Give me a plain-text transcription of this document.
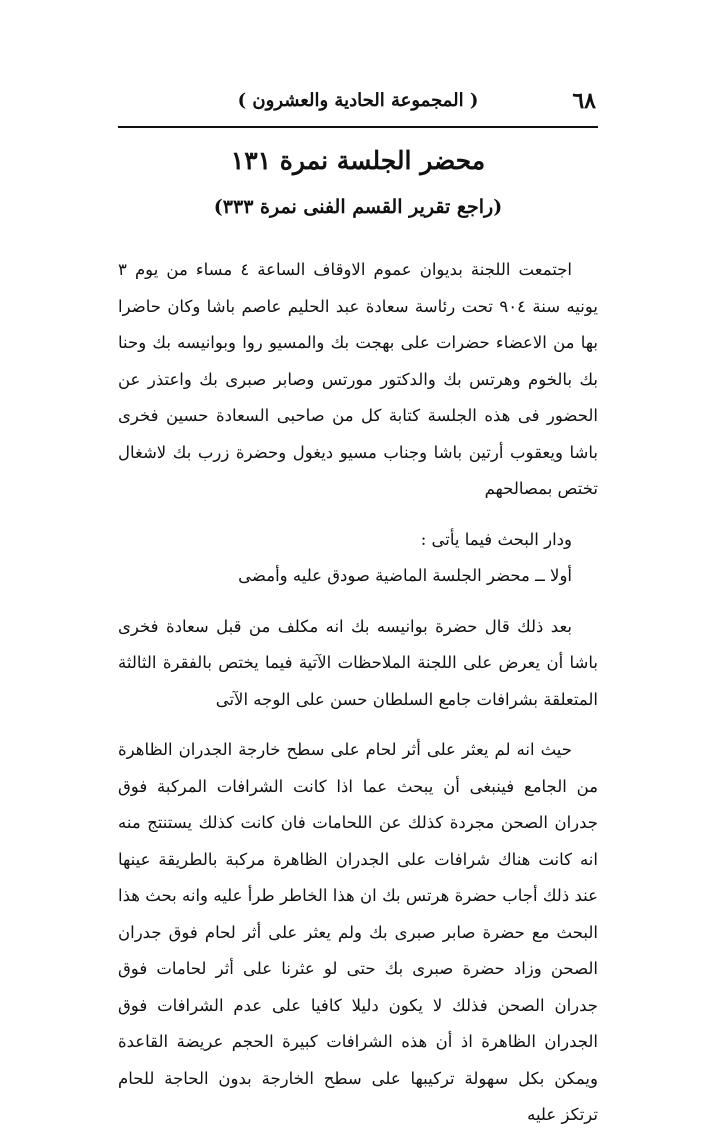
٦٨
( المجموعة الحادية والعشرون )
محضر الجلسة نمرة ١٣١
(راجع تقرير القسم الفنى نمرة ٣٣٣)

اجتمعت اللجنة بديوان عموم الاوقاف الساعة ٤ مساء من يوم ٣ يونيه سنة ٩٠٤ تحت رئاسة سعادة عبد الحليم عاصم باشا وكان حاضرا بها من الاعضاء حضرات على بهجت بك والمسيو روا وبوانيسه بك وحنا بك بالخوم وهرتس بك والدكتور مورتس وصابر صبرى بك واعتذر عن الحضور فى هذه الجلسة كتابة كل من صاحبى السعادة حسين فخرى باشا ويعقوب أرتين باشا وجناب مسيو ديغول وحضرة زرب بك لاشغال تختص بمصالحهم

ودار البحث فيما يأتى :

أولا ــ محضر الجلسة الماضية صودق عليه وأمضى

بعد ذلك قال حضرة بوانيسه بك انه مكلف من قبل سعادة فخرى باشا أن يعرض على اللجنة الملاحظات الآتية فيما يختص بالفقرة الثالثة المتعلقة بشرافات جامع السلطان حسن على الوجه الآتى

حيث انه لم يعثر على أثر لحام على سطح خارجة الجدران الظاهرة من الجامع فينبغى أن يبحث عما اذا كانت الشرافات المركبة فوق جدران الصحن مجردة كذلك عن اللحامات فان كانت كذلك يستنتج منه انه كانت هناك شرافات على الجدران الظاهرة مركبة بالطريقة عينها عند ذلك أجاب حضرة هرتس بك ان هذا الخاطر طرأ عليه وانه بحث هذا البحث مع حضرة صابر صبرى بك ولم يعثر على أثر لحام فوق جدران الصحن وزاد حضرة صبرى بك حتى لو عثرنا على أثر لحامات فوق جدران الصحن فذلك لا يكون دليلا كافيا على عدم الشرافات فوق الجدران الظاهرة اذ أن هذه الشرافات كبيرة الحجم عريضة القاعدة ويمكن بكل سهولة تركيبها على سطح الخارجة بدون الحاجة للحام ترتكز عليه
